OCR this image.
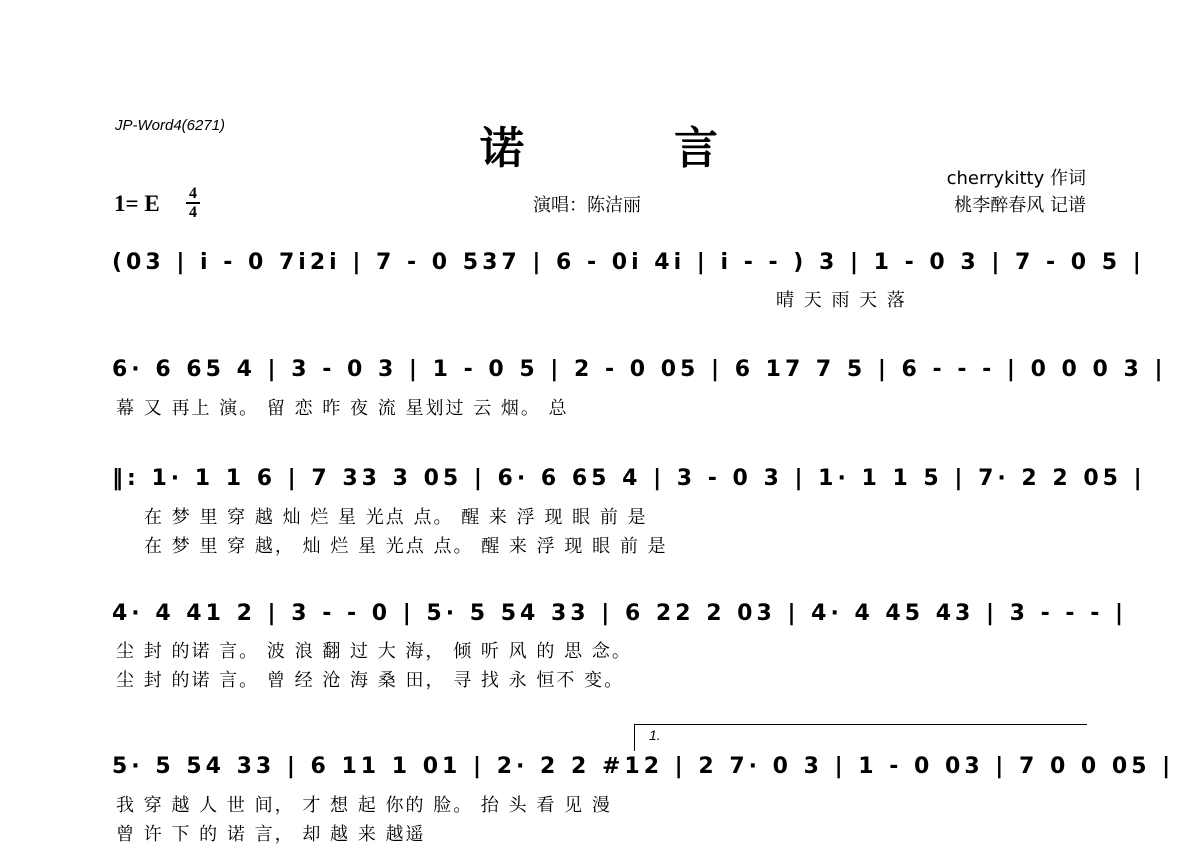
JP-Word4(6271)	诺言
cherrykitty 作词
桃李醉春风 记谱
演唱：陈洁丽
1= E 4
4
(03 | i - 0 7i2i | 7 - 0 537 | 6 - 0i 4i | i - - ) 3 | 1 - 0 3 | 7 - 0 5 |
晴 天 雨 天 落
6· 6 65 4 | 3 - 0 3 | 1 - 0 5 | 2 - 0 05 | 6 17 7 5 | 6 - - - | 0 0 0 3 |
幕 又 再上 演。 留 恋 昨 夜 流 星划过 云 烟。 总
‖: 1· 1 1 6 | 7 33 3 05 | 6· 6 65 4 | 3 - 0 3 | 1· 1 1 5 | 7· 2 2 05 |
在 梦 里 穿 越 灿 烂 星 光点 点。 醒 来 浮 现 眼 前 是
在 梦 里 穿 越， 灿 烂 星 光点 点。 醒 来 浮 现 眼 前 是
4· 4 41 2 | 3 - - 0 | 5· 5 54 33 | 6 22 2 03 | 4· 4 45 43 | 3 - - - |
尘 封 的诺 言。 波 浪 翻 过 大 海， 倾 听 风 的 思 念。
尘 封 的诺 言。 曾 经 沧 海 桑 田， 寻 找 永 恒不 变。
1.
5· 5 54 33 | 6 11 1 01 | 2· 2 2 #12 | 2 7· 0 3 | 1 - 0 03 | 7 0 0 05 |
我 穿 越 人 世 间， 才 想 起 你的 脸。 抬 头 看 见 漫
曾 许 下 的 诺 言， 却 越 来 越遥
